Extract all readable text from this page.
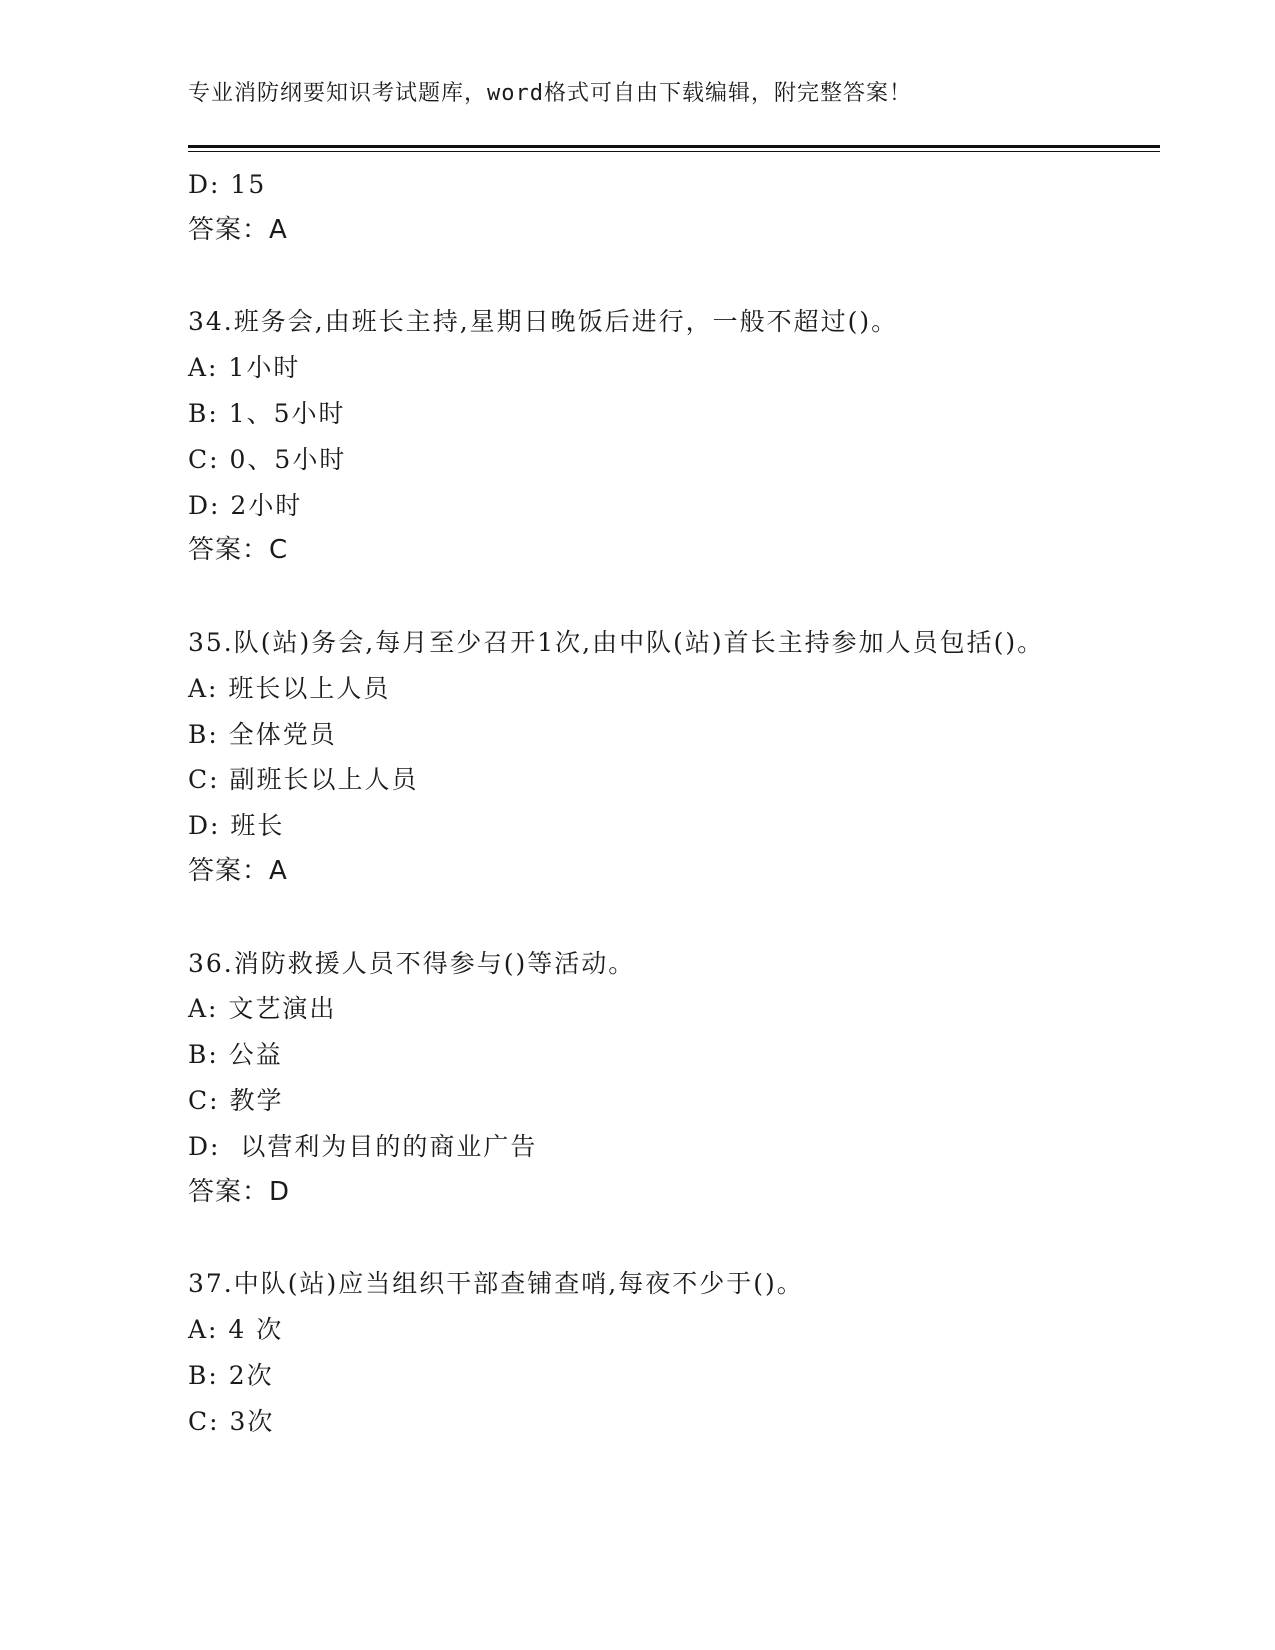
专业消防纲要知识考试题库，word格式可自由下载编辑，附完整答案！
D: 15
答案：A
34.班务会,由班长主持,星期日晚饭后进行，一般不超过()。
A: 1小时
B: 1、5小时
C: 0、5小时
D: 2小时
答案：C
35.队(站)务会,每月至少召开1次,由中队(站)首长主持参加人员包括()。
A: 班长以上人员
B: 全体党员
C: 副班长以上人员
D: 班长
答案：A
36.消防救援人员不得参与()等活动。
A: 文艺演出
B: 公益
C: 教学
D:  以营利为目的的商业广告
答案：D
37.中队(站)应当组织干部查铺查哨,每夜不少于()。
A: 4 次
B: 2次
C: 3次
